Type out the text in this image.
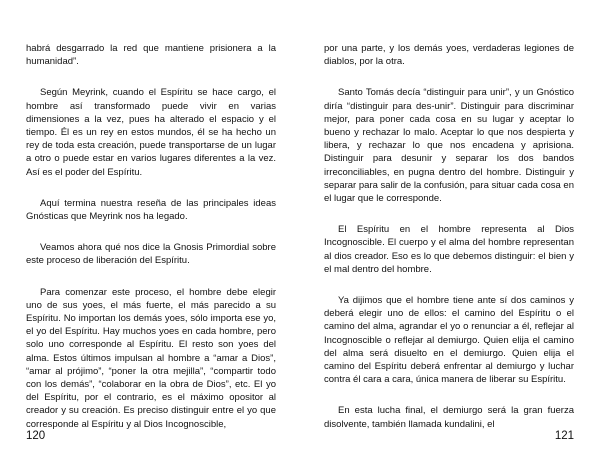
habrá desgarrado la red que mantiene prisionera a la humanidad”.

Según Meyrink, cuando el Espíritu se hace cargo, el hombre así transformado puede vivir en varias dimensiones a la vez, pues ha alterado el espacio y el tiempo. Él es un rey en estos mundos, él se ha hecho un rey de toda esta creación, puede transportarse de un lugar a otro o puede estar en varios lugares diferentes a la vez. Así es el poder del Espíritu.

Aquí termina nuestra reseña de las principales ideas Gnósticas que Meyrink nos ha legado.

Veamos ahora qué nos dice la Gnosis Primordial sobre este proceso de liberación del Espíritu.

Para comenzar este proceso, el hombre debe elegir uno de sus yoes, el más fuerte, el más parecido a su Espíritu. No importan los demás yoes, sólo importa ese yo, el yo del Espíritu. Hay muchos yoes en cada hombre, pero solo uno corresponde al Espíritu. El resto son yoes del alma. Estos últimos impulsan al hombre a “amar a Dios”, “amar al prójimo”, “poner la otra mejilla”, “compartir todo con los demás”, “colaborar en la obra de Dios”, etc. El yo del Espíritu, por el contrario, es el máximo opositor al creador y su creación. Es preciso distinguir entre el yo que corresponde al Espíritu y al Dios Incognoscible,

120

por una parte, y los demás yoes, verdaderas legiones de diablos, por la otra.

Santo Tomás decía “distinguir para unir”, y un Gnóstico diría “distinguir para des-unir”. Distinguir para discriminar mejor, para poner cada cosa en su lugar y aceptar lo bueno y rechazar lo malo. Aceptar lo que nos despierta y libera, y rechazar lo que nos encadena y aprisiona. Distinguir para desunir y separar los dos bandos irreconciliables, en pugna dentro del hombre. Distinguir y separar para salir de la confusión, para situar cada cosa en el lugar que le corresponde.

El Espíritu en el hombre representa al Dios Incognoscible. El cuerpo y el alma del hombre representan al dios creador. Eso es lo que debemos distinguir: el bien y el mal dentro del hombre.

Ya dijimos que el hombre tiene ante sí dos caminos y deberá elegir uno de ellos: el camino del Espíritu o el camino del alma, agrandar el yo o renunciar a él, reflejar al Incognoscible o reflejar al demiurgo. Quien elija el camino del alma será disuelto en el demiurgo. Quien elija el camino del Espíritu deberá enfrentar al demiurgo y luchar contra él cara a cara, única manera de liberar su Espíritu.

En esta lucha final, el demiurgo será la gran fuerza disolvente, también llamada kundalini, el

121
